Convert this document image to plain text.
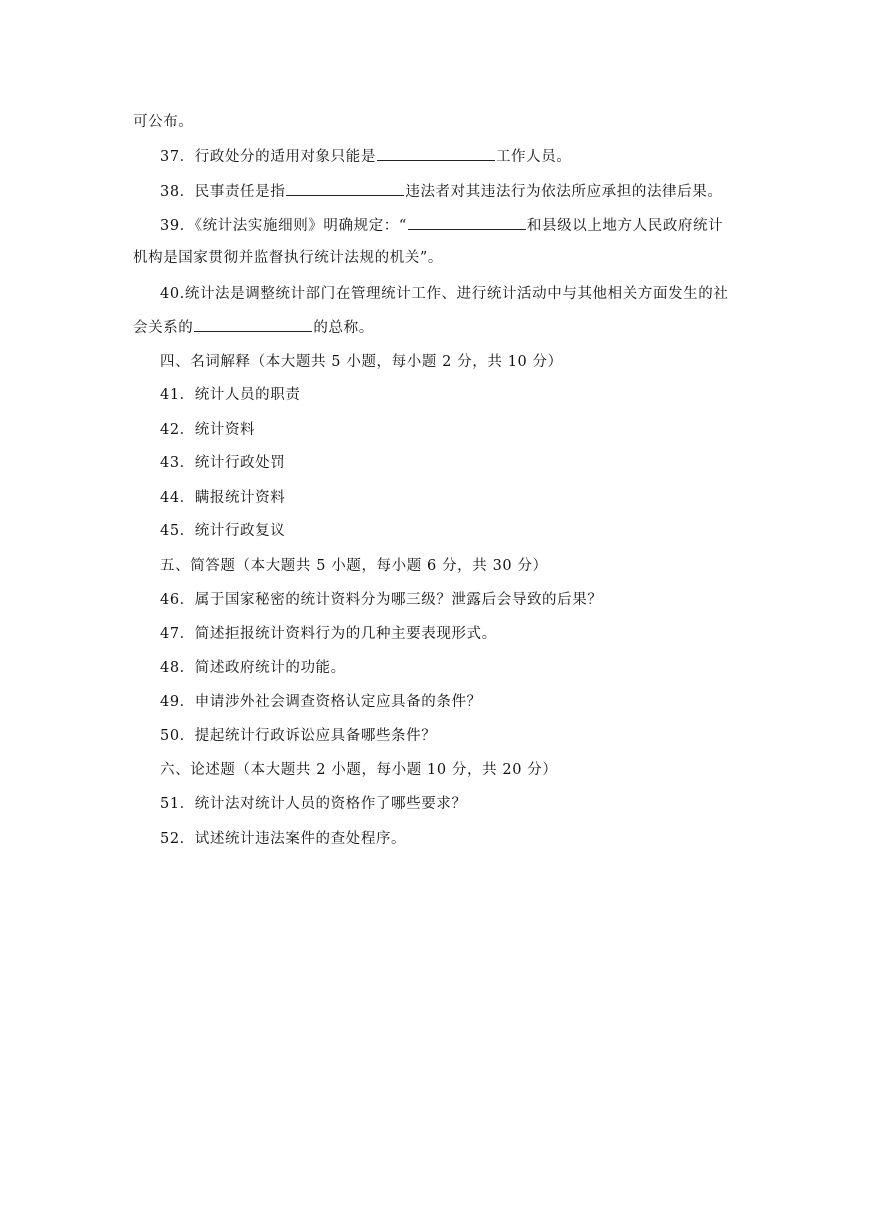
可公布。
37．行政处分的适用对象只能是	工作人员。
38．民事责任是指	违法者对其违法行为依法所应承担的法律后果。
39．《统计法实施细则》明确规定：“	和县级以上地方人民政府统计
机构是国家贯彻并监督执行统计法规的机关”。
40.统计法是调整统计部门在管理统计工作、进行统计活动中与其他相关方面发生的社
会关系的	的总称。
四、名词解释（本大题共 5 小题，每小题 2 分，共 10 分）
41．统计人员的职责
42．统计资料
43．统计行政处罚
44．瞒报统计资料
45．统计行政复议
五、简答题（本大题共 5 小题，每小题 6 分，共 30 分）
46．属于国家秘密的统计资料分为哪三级？泄露后会导致的后果？
47．简述拒报统计资料行为的几种主要表现形式。
48．简述政府统计的功能。
49．申请涉外社会调查资格认定应具备的条件？
50．提起统计行政诉讼应具备哪些条件？
六、论述题（本大题共 2 小题，每小题 10 分，共 20 分）
51．统计法对统计人员的资格作了哪些要求？
52．试述统计违法案件的查处程序。
